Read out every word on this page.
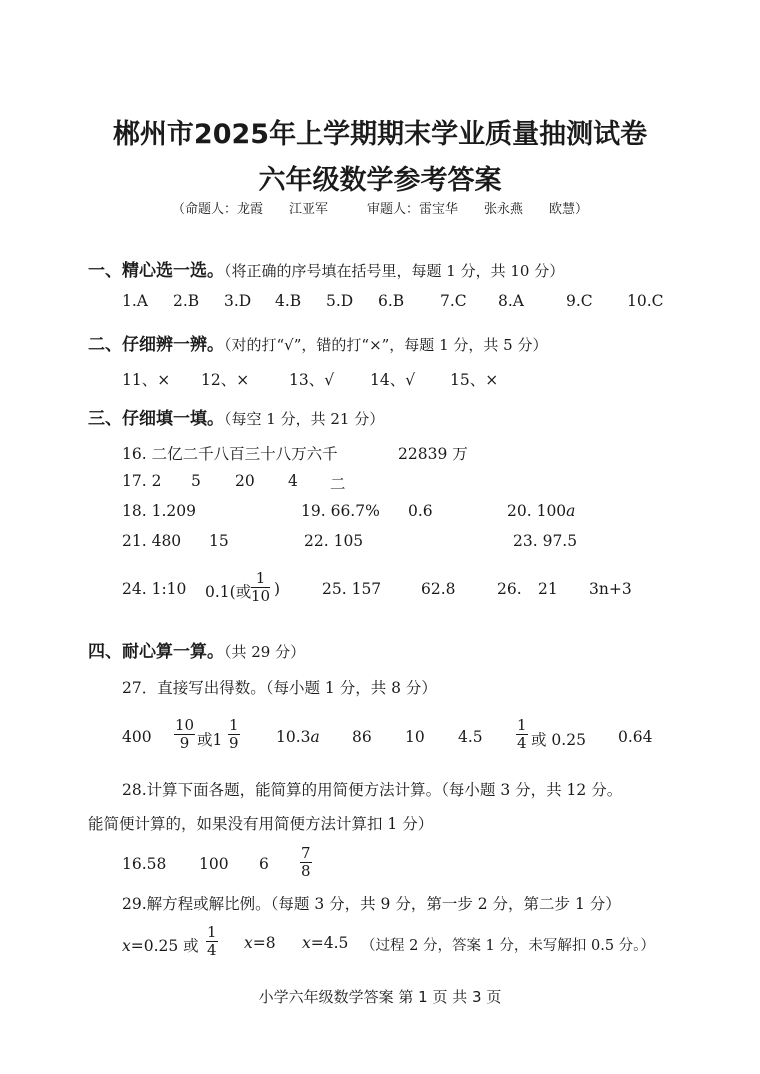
郴州市2025年上学期期末学业质量抽测试卷
六年级数学参考答案
（命题人：龙霞　　江亚军　　　审题人：雷宝华　　张永燕　　欧慧）
一、精心选一选。（将正确的序号填在括号里，每题 1 分，共 10 分）
1.A 2.B 3.D 4.B 5.D 6.B 7.C 8.A	9.C 10.C
二、仔细辨一辨。（对的打“√”，错的打“×”，每题 1 分，共 5 分）
11、× 12、×	13、√ 14、√ 15、×
三、仔细填一填。（每空 1 分，共 21 分）
16. 二亿二千八百三十八万六千	22839 万
17. 2 5 20 4 二
18. 1.209	19. 66.7% 0.6	20. 100a
21. 480 15	22. 105	23. 97.5
24. 1:10 0.1(或 $\frac{1}{10}$ )	25. 157	62.8	26. 21 3n+3
四、耐心算一算。（共 29 分）
27．直接写出得数。（每小题 1 分，共 8 分）
$400 \frac{10}{9}$ 或$1 \frac{1}{9} 10.3a$ 86 10 $4.5 \frac{1}{4}$ 或 0.25 0.64
28.计算下面各题，能简算的用简便方法计算。（每小题 3 分，共 12 分。
能简便计算的，如果没有用简便方法计算扣 1 分）
16.58 100 $6 \frac{7}{8}$
29.解方程或解比例。（每题 3 分，共 9 分，第一步 2 分，第二步 1 分）
x=0.25 或 $\frac{1}{4} x=8$ x=4.5 （过程 2 分，答案 1 分，未写解扣 0.5 分。）
小学六年级数学答案 第 1 页 共 3 页
